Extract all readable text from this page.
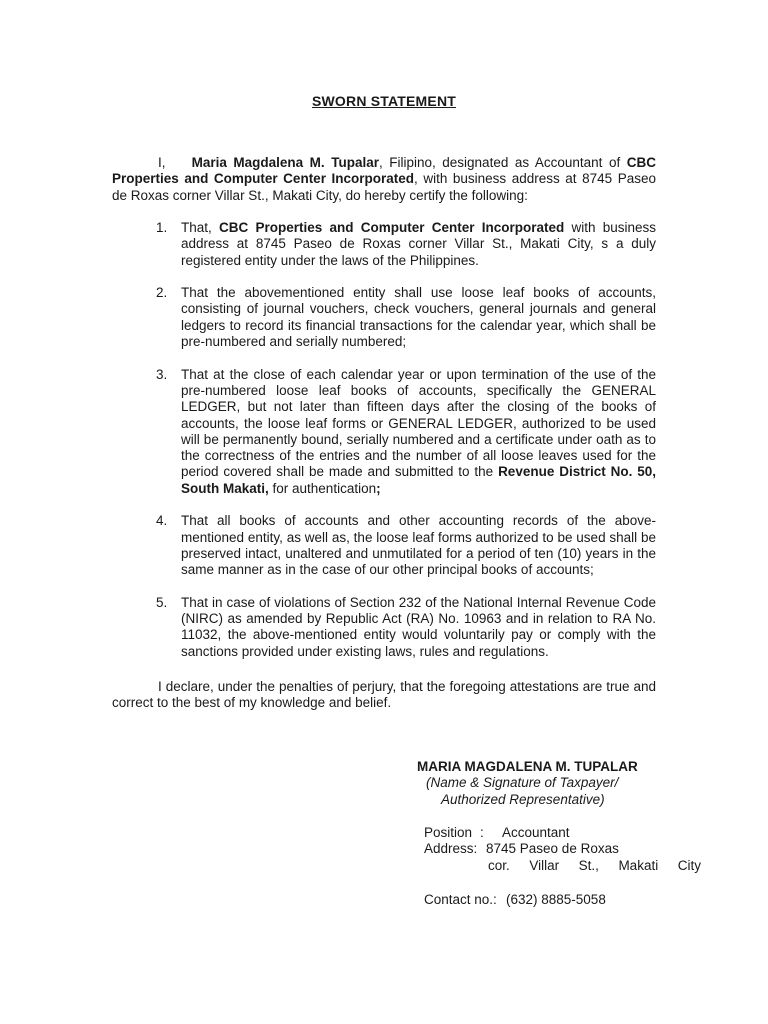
SWORN STATEMENT
I, Maria Magdalena M. Tupalar, Filipino, designated as Accountant of CBC Properties and Computer Center Incorporated, with business address at 8745 Paseo de Roxas corner Villar St., Makati City, do hereby certify the following:
1. That, CBC Properties and Computer Center Incorporated with business address at 8745 Paseo de Roxas corner Villar St., Makati City, s a duly registered entity under the laws of the Philippines.
2. That the abovementioned entity shall use loose leaf books of accounts, consisting of journal vouchers, check vouchers, general journals and general ledgers to record its financial transactions for the calendar year, which shall be pre-numbered and serially numbered;
3. That at the close of each calendar year or upon termination of the use of the pre-numbered loose leaf books of accounts, specifically the GENERAL LEDGER, but not later than fifteen days after the closing of the books of accounts, the loose leaf forms or GENERAL LEDGER, authorized to be used will be permanently bound, serially numbered and a certificate under oath as to the correctness of the entries and the number of all loose leaves used for the period covered shall be made and submitted to the Revenue District No. 50, South Makati, for authentication;
4. That all books of accounts and other accounting records of the above-mentioned entity, as well as, the loose leaf forms authorized to be used shall be preserved intact, unaltered and unmutilated for a period of ten (10) years in the same manner as in the case of our other principal books of accounts;
5. That in case of violations of Section 232 of the National Internal Revenue Code (NIRC) as amended by Republic Act (RA) No. 10963 and in relation to RA No. 11032, the above-mentioned entity would voluntarily pay or comply with the sanctions provided under existing laws, rules and regulations.
I declare, under the penalties of perjury, that the foregoing attestations are true and correct to the best of my knowledge and belief.
MARIA MAGDALENA M. TUPALAR
(Name & Signature of Taxpayer/
Authorized Representative)
Position :	Accountant
Address: 8745 Paseo de Roxas
cor. Villar St., Makati City
Contact no.: (632) 8885-5058
